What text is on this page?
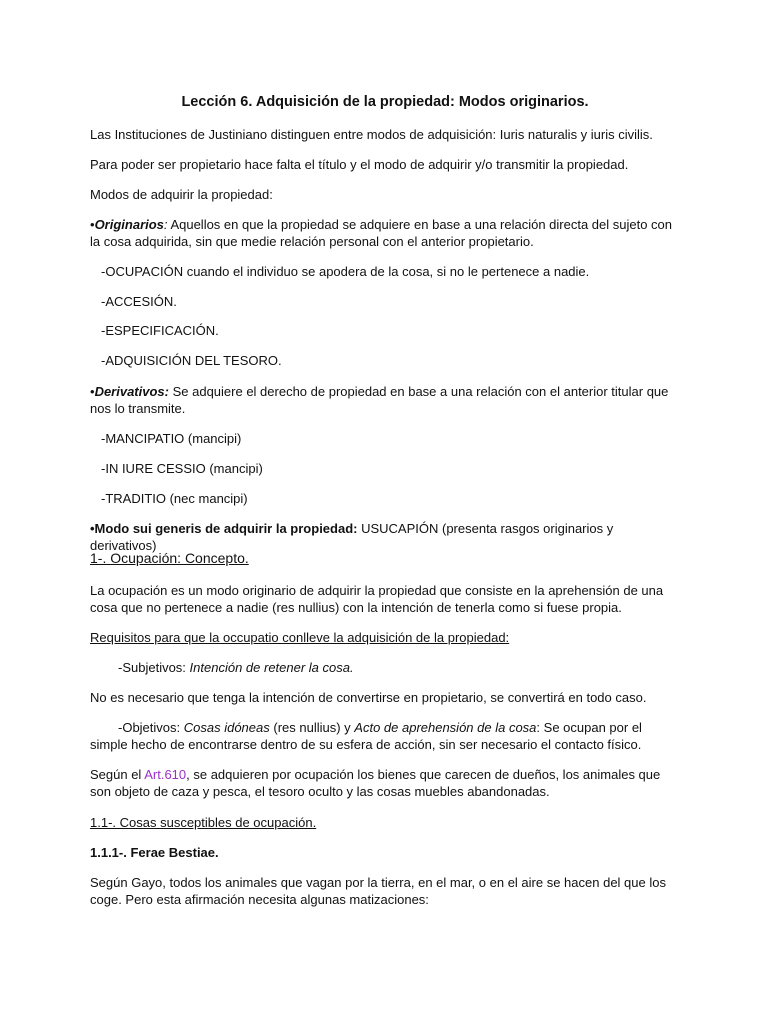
Lección 6. Adquisición de la propiedad: Modos originarios.

Las Instituciones de Justiniano distinguen entre modos de adquisición: Iuris naturalis y iuris civilis.

Para poder ser propietario hace falta el título y el modo de adquirir y/o transmitir la propiedad.

Modos de adquirir la propiedad:

•Originarios: Aquellos en que la propiedad se adquiere en base a una relación directa del sujeto con la cosa adquirida, sin que medie relación personal con el anterior propietario.

-OCUPACIÓN cuando el individuo se apodera de la cosa, si no le pertenece a nadie.

-ACCESIÓN.

-ESPECIFICACIÓN.

-ADQUISICIÓN DEL TESORO.

•Derivativos: Se adquiere el derecho de propiedad en base a una relación con el anterior titular que nos lo transmite.

-MANCIPATIO (mancipi)

-IN IURE CESSIO (mancipi)

-TRADITIO (nec mancipi)

•Modo sui generis de adquirir la propiedad: USUCAPIÓN (presenta rasgos originarios y derivativos)

1-. Ocupación: Concepto.

La ocupación es un modo originario de adquirir la propiedad que consiste en la aprehensión de una cosa que no pertenece a nadie (res nullius) con la intención de tenerla como si fuese propia.

Requisitos para que la occupatio conlleve la adquisición de la propiedad:

-Subjetivos: Intención de retener la cosa.

No es necesario que tenga la intención de convertirse en propietario, se convertirá en todo caso.

-Objetivos: Cosas idóneas (res nullius) y Acto de aprehensión de la cosa: Se ocupan por el simple hecho de encontrarse dentro de su esfera de acción, sin ser necesario el contacto físico.

Según el Art.610, se adquieren por ocupación los bienes que carecen de dueños, los animales que son objeto de caza y pesca, el tesoro oculto y las cosas muebles abandonadas.

1.1-. Cosas susceptibles de ocupación.

1.1.1-. Ferae Bestiae.

Según Gayo, todos los animales que vagan por la tierra, en el mar, o en el aire se hacen del que los coge. Pero esta afirmación necesita algunas matizaciones:
